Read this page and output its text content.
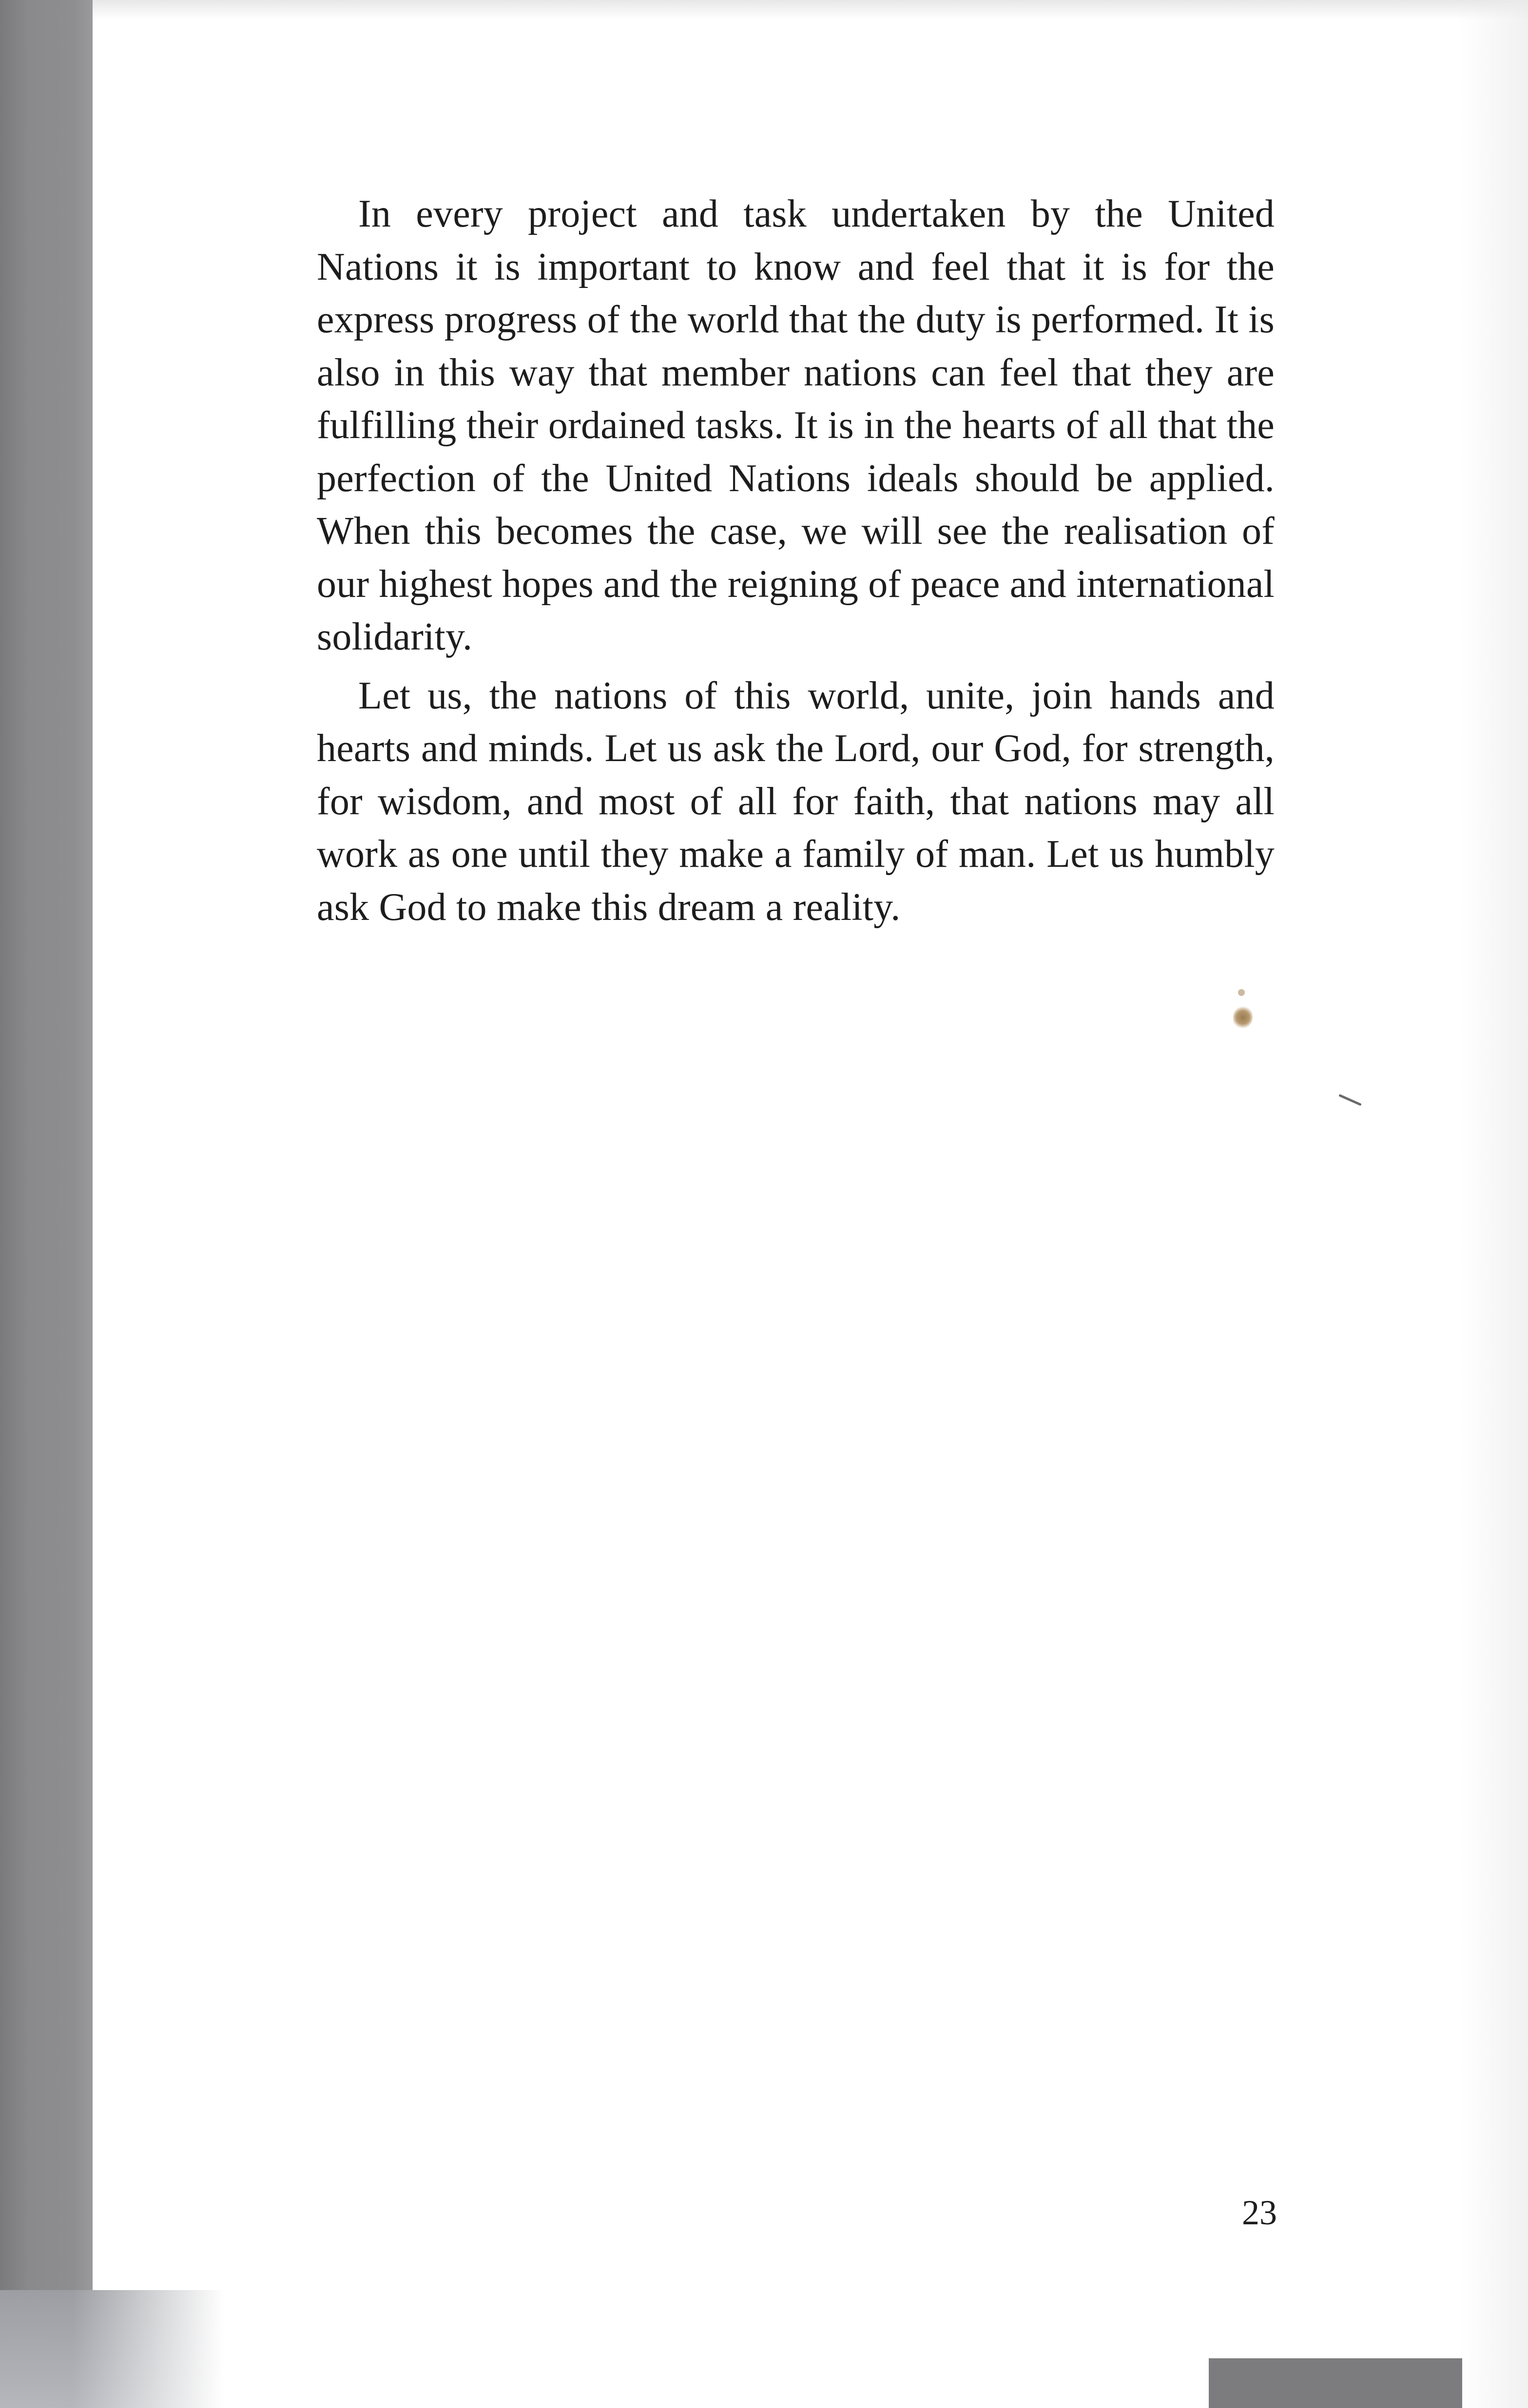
In every project and task undertaken by the United Nations it is important to know and feel that it is for the express progress of the world that the duty is performed. It is also in this way that member nations can feel that they are fulfilling their ordained tasks. It is in the hearts of all that the perfection of the United Nations ideals should be applied. When this becomes the case, we will see the realisation of our highest hopes and the reigning of peace and international solidarity.

Let us, the nations of this world, unite, join hands and hearts and minds. Let us ask the Lord, our God, for strength, for wisdom, and most of all for faith, that nations may all work as one until they make a family of man. Let us humbly ask God to make this dream a reality.

23
